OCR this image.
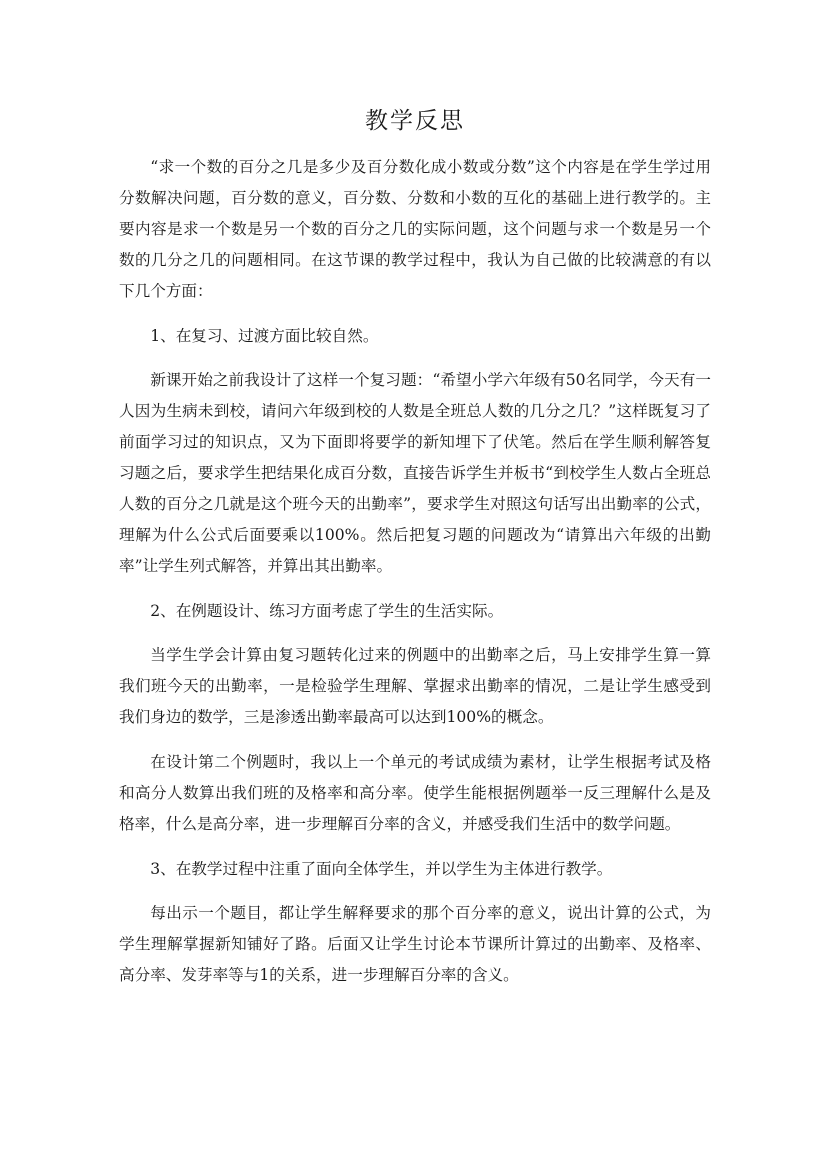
教学反思

“求一个数的百分之几是多少及百分数化成小数或分数”这个内容是在学生学过用分数解决问题，百分数的意义，百分数、分数和小数的互化的基础上进行教学的。主要内容是求一个数是另一个数的百分之几的实际问题，这个问题与求一个数是另一个数的几分之几的问题相同。在这节课的教学过程中，我认为自己做的比较满意的有以下几个方面：

1、在复习、过渡方面比较自然。

新课开始之前我设计了这样一个复习题：“希望小学六年级有50名同学，今天有一人因为生病未到校，请问六年级到校的人数是全班总人数的几分之几？”这样既复习了前面学习过的知识点，又为下面即将要学的新知埋下了伏笔。然后在学生顺利解答复习题之后，要求学生把结果化成百分数，直接告诉学生并板书“到校学生人数占全班总人数的百分之几就是这个班今天的出勤率”，要求学生对照这句话写出出勤率的公式，理解为什么公式后面要乘以100%。然后把复习题的问题改为“请算出六年级的出勤率”让学生列式解答，并算出其出勤率。

2、在例题设计、练习方面考虑了学生的生活实际。

当学生学会计算由复习题转化过来的例题中的出勤率之后，马上安排学生算一算我们班今天的出勤率，一是检验学生理解、掌握求出勤率的情况，二是让学生感受到我们身边的数学，三是渗透出勤率最高可以达到100%的概念。

在设计第二个例题时，我以上一个单元的考试成绩为素材，让学生根据考试及格和高分人数算出我们班的及格率和高分率。使学生能根据例题举一反三理解什么是及格率，什么是高分率，进一步理解百分率的含义，并感受我们生活中的数学问题。

3、在教学过程中注重了面向全体学生，并以学生为主体进行教学。

每出示一个题目，都让学生解释要求的那个百分率的意义，说出计算的公式，为学生理解掌握新知铺好了路。后面又让学生讨论本节课所计算过的出勤率、及格率、高分率、发芽率等与1的关系，进一步理解百分率的含义。
